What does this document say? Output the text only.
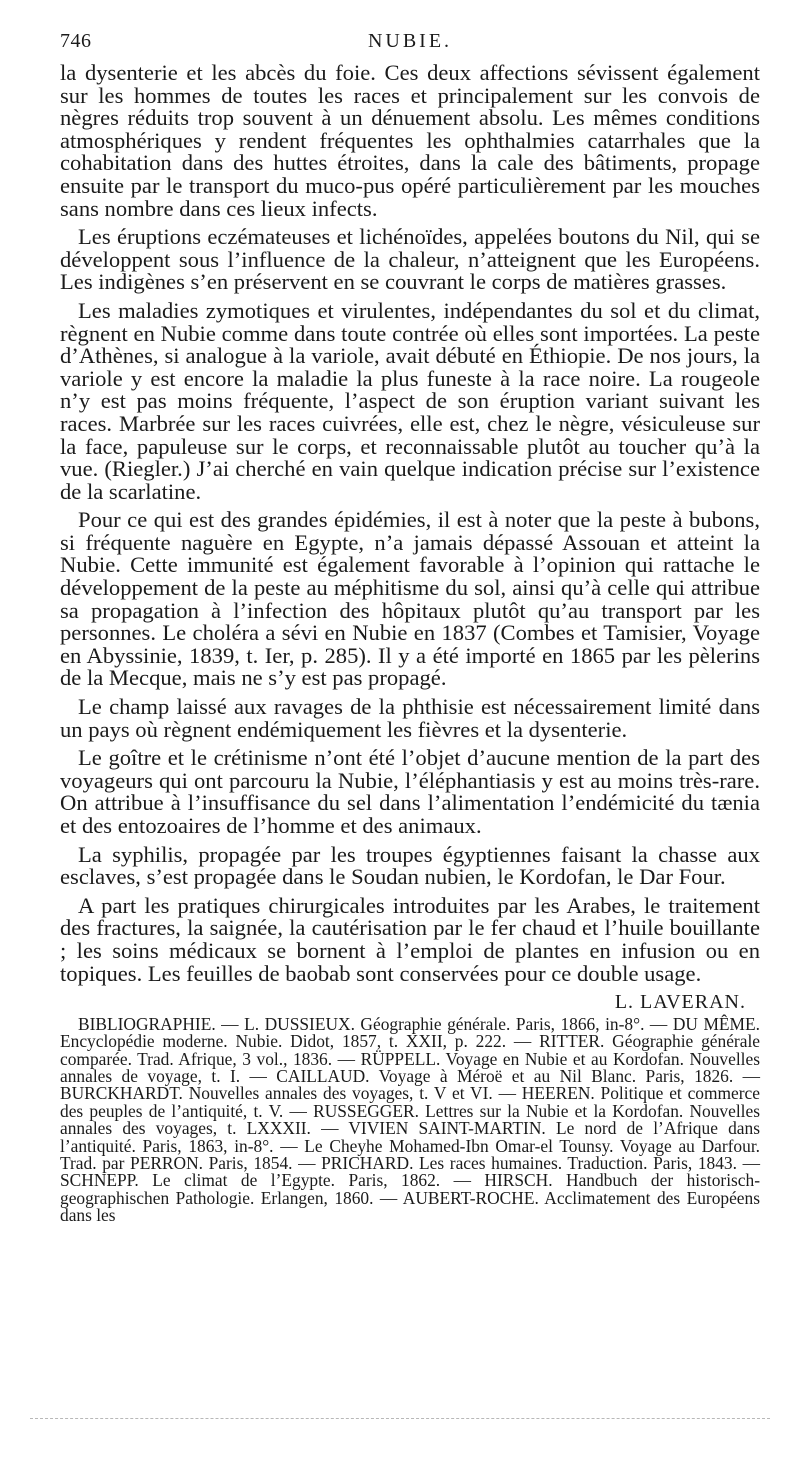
746	NUBIE.

la dysenterie et les abcès du foie. Ces deux affections sévissent également sur les hommes de toutes les races et principalement sur les convois de nègres réduits trop souvent à un dénuement absolu. Les mêmes conditions atmosphériques y rendent fréquentes les ophthalmies catarrhales que la cohabitation dans des huttes étroites, dans la cale des bâtiments, propage ensuite par le transport du muco-pus opéré particulièrement par les mouches sans nombre dans ces lieux infects.

Les éruptions eczémateuses et lichénoïdes, appelées boutons du Nil, qui se développent sous l’influence de la chaleur, n’atteignent que les Européens. Les indigènes s’en préservent en se couvrant le corps de matières grasses.

Les maladies zymotiques et virulentes, indépendantes du sol et du climat, règnent en Nubie comme dans toute contrée où elles sont importées. La peste d’Athènes, si analogue à la variole, avait débuté en Éthiopie. De nos jours, la variole y est encore la maladie la plus funeste à la race noire. La rougeole n’y est pas moins fréquente, l’aspect de son éruption variant suivant les races. Marbrée sur les races cuivrées, elle est, chez le nègre, vésiculeuse sur la face, papuleuse sur le corps, et reconnaissable plutôt au toucher qu’à la vue. (Riegler.) J’ai cherché en vain quelque indication précise sur l’existence de la scarlatine.

Pour ce qui est des grandes épidémies, il est à noter que la peste à bubons, si fréquente naguère en Egypte, n’a jamais dépassé Assouan et atteint la Nubie. Cette immunité est également favorable à l’opinion qui rattache le développement de la peste au méphitisme du sol, ainsi qu’à celle qui attribue sa propagation à l’infection des hôpitaux plutôt qu’au transport par les personnes. Le choléra a sévi en Nubie en 1837 (Combes et Tamisier, Voyage en Abyssinie, 1839, t. Ier, p. 285). Il y a été importé en 1865 par les pèlerins de la Mecque, mais ne s’y est pas propagé.

Le champ laissé aux ravages de la phthisie est nécessairement limité dans un pays où règnent endémiquement les fièvres et la dysenterie.

Le goître et le crétinisme n’ont été l’objet d’aucune mention de la part des voyageurs qui ont parcouru la Nubie, l’éléphantiasis y est au moins très-rare. On attribue à l’insuffisance du sel dans l’alimentation l’endémicité du tænia et des entozoaires de l’homme et des animaux.

La syphilis, propagée par les troupes égyptiennes faisant la chasse aux esclaves, s’est propagée dans le Soudan nubien, le Kordofan, le Dar Four.

A part les pratiques chirurgicales introduites par les Arabes, le traitement des fractures, la saignée, la cautérisation par le fer chaud et l’huile bouillante ; les soins médicaux se bornent à l’emploi de plantes en infusion ou en topiques. Les feuilles de baobab sont conservées pour ce double usage.

L. LAVERAN.

BIBLIOGRAPHIE. — L. DUSSIEUX. Géographie générale. Paris, 1866, in-8°. — DU MÊME. Encyclopédie moderne. Nubie. Didot, 1857, t. XXII, p. 222. — RITTER. Géographie générale comparée. Trad. Afrique, 3 vol., 1836. — RÜPPELL. Voyage en Nubie et au Kordofan. Nouvelles annales de voyage, t. I. — CAILLAUD. Voyage à Méroë et au Nil Blanc. Paris, 1826. — BURCKHARDT. Nouvelles annales des voyages, t. V et VI. — HEEREN. Politique et commerce des peuples de l’antiquité, t. V. — RUSSEGGER. Lettres sur la Nubie et la Kordofan. Nouvelles annales des voyages, t. LXXXII. — VIVIEN SAINT-MARTIN. Le nord de l’Afrique dans l’antiquité. Paris, 1863, in-8°. — Le Cheyhe Mohamed-Ibn Omar-el Tounsy. Voyage au Darfour. Trad. par PERRON. Paris, 1854. — PRICHARD. Les races humaines. Traduction. Paris, 1843. — SCHNEPP. Le climat de l’Egypte. Paris, 1862. — HIRSCH. Handbuch der historisch-geographischen Pathologie. Erlangen, 1860. — AUBERT-ROCHE. Acclimatement des Européens dans les
